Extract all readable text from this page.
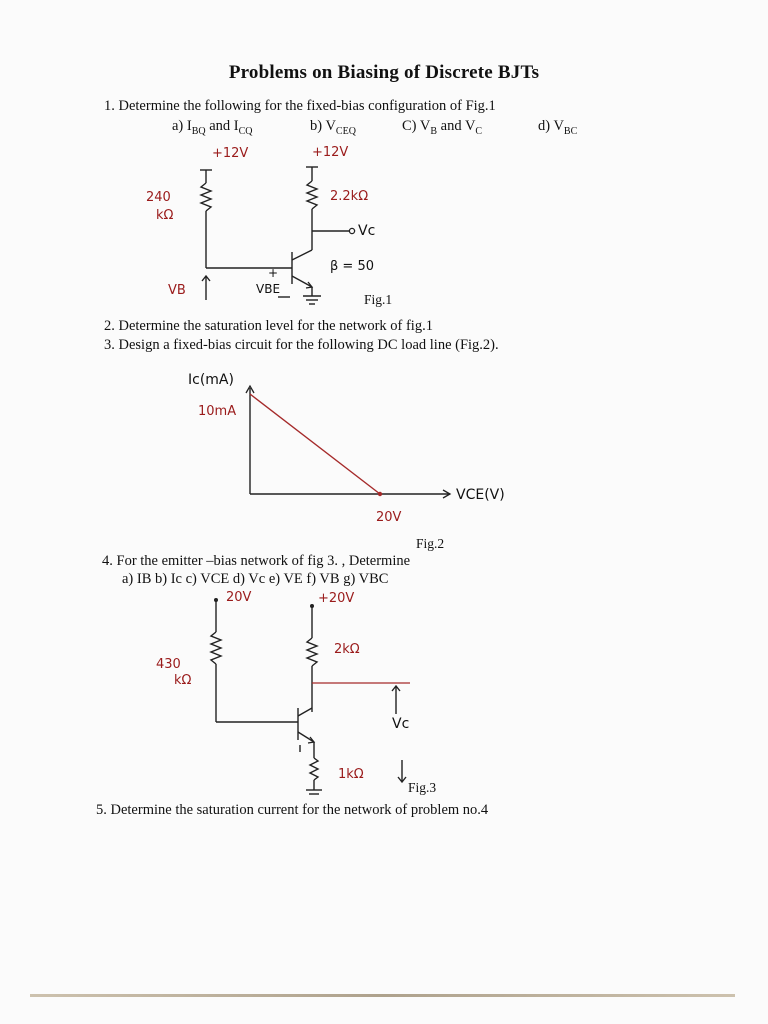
Problems on Biasing of Discrete BJTs
1. Determine the following for the fixed-bias configuration of Fig.1
a) $I_{BQ}$ and $I_{CQ}$	b) $V_{CEQ}$	C) $V_B$ and $V_C$	d) $V_{BC}$
+12V	+12V
240
kΩ
2.2kΩ
Vc
β = 50
VB	VBE
+
Fig.1
2. Determine the saturation level for the network of fig.1
3. Design a fixed-bias circuit for the following DC load line (Fig.2).
Ic(mA)
10mA
VCE(V)
20V
Fig.2
4. For the emitter –bias network of fig 3. , Determine
a) IB b) Ic c) VCE d) Vc e) VE f) VB g) VBC
20V	+20V
430
kΩ
2kΩ
1kΩ
Vc
Fig.3
5. Determine the saturation current for the network of problem no.4
